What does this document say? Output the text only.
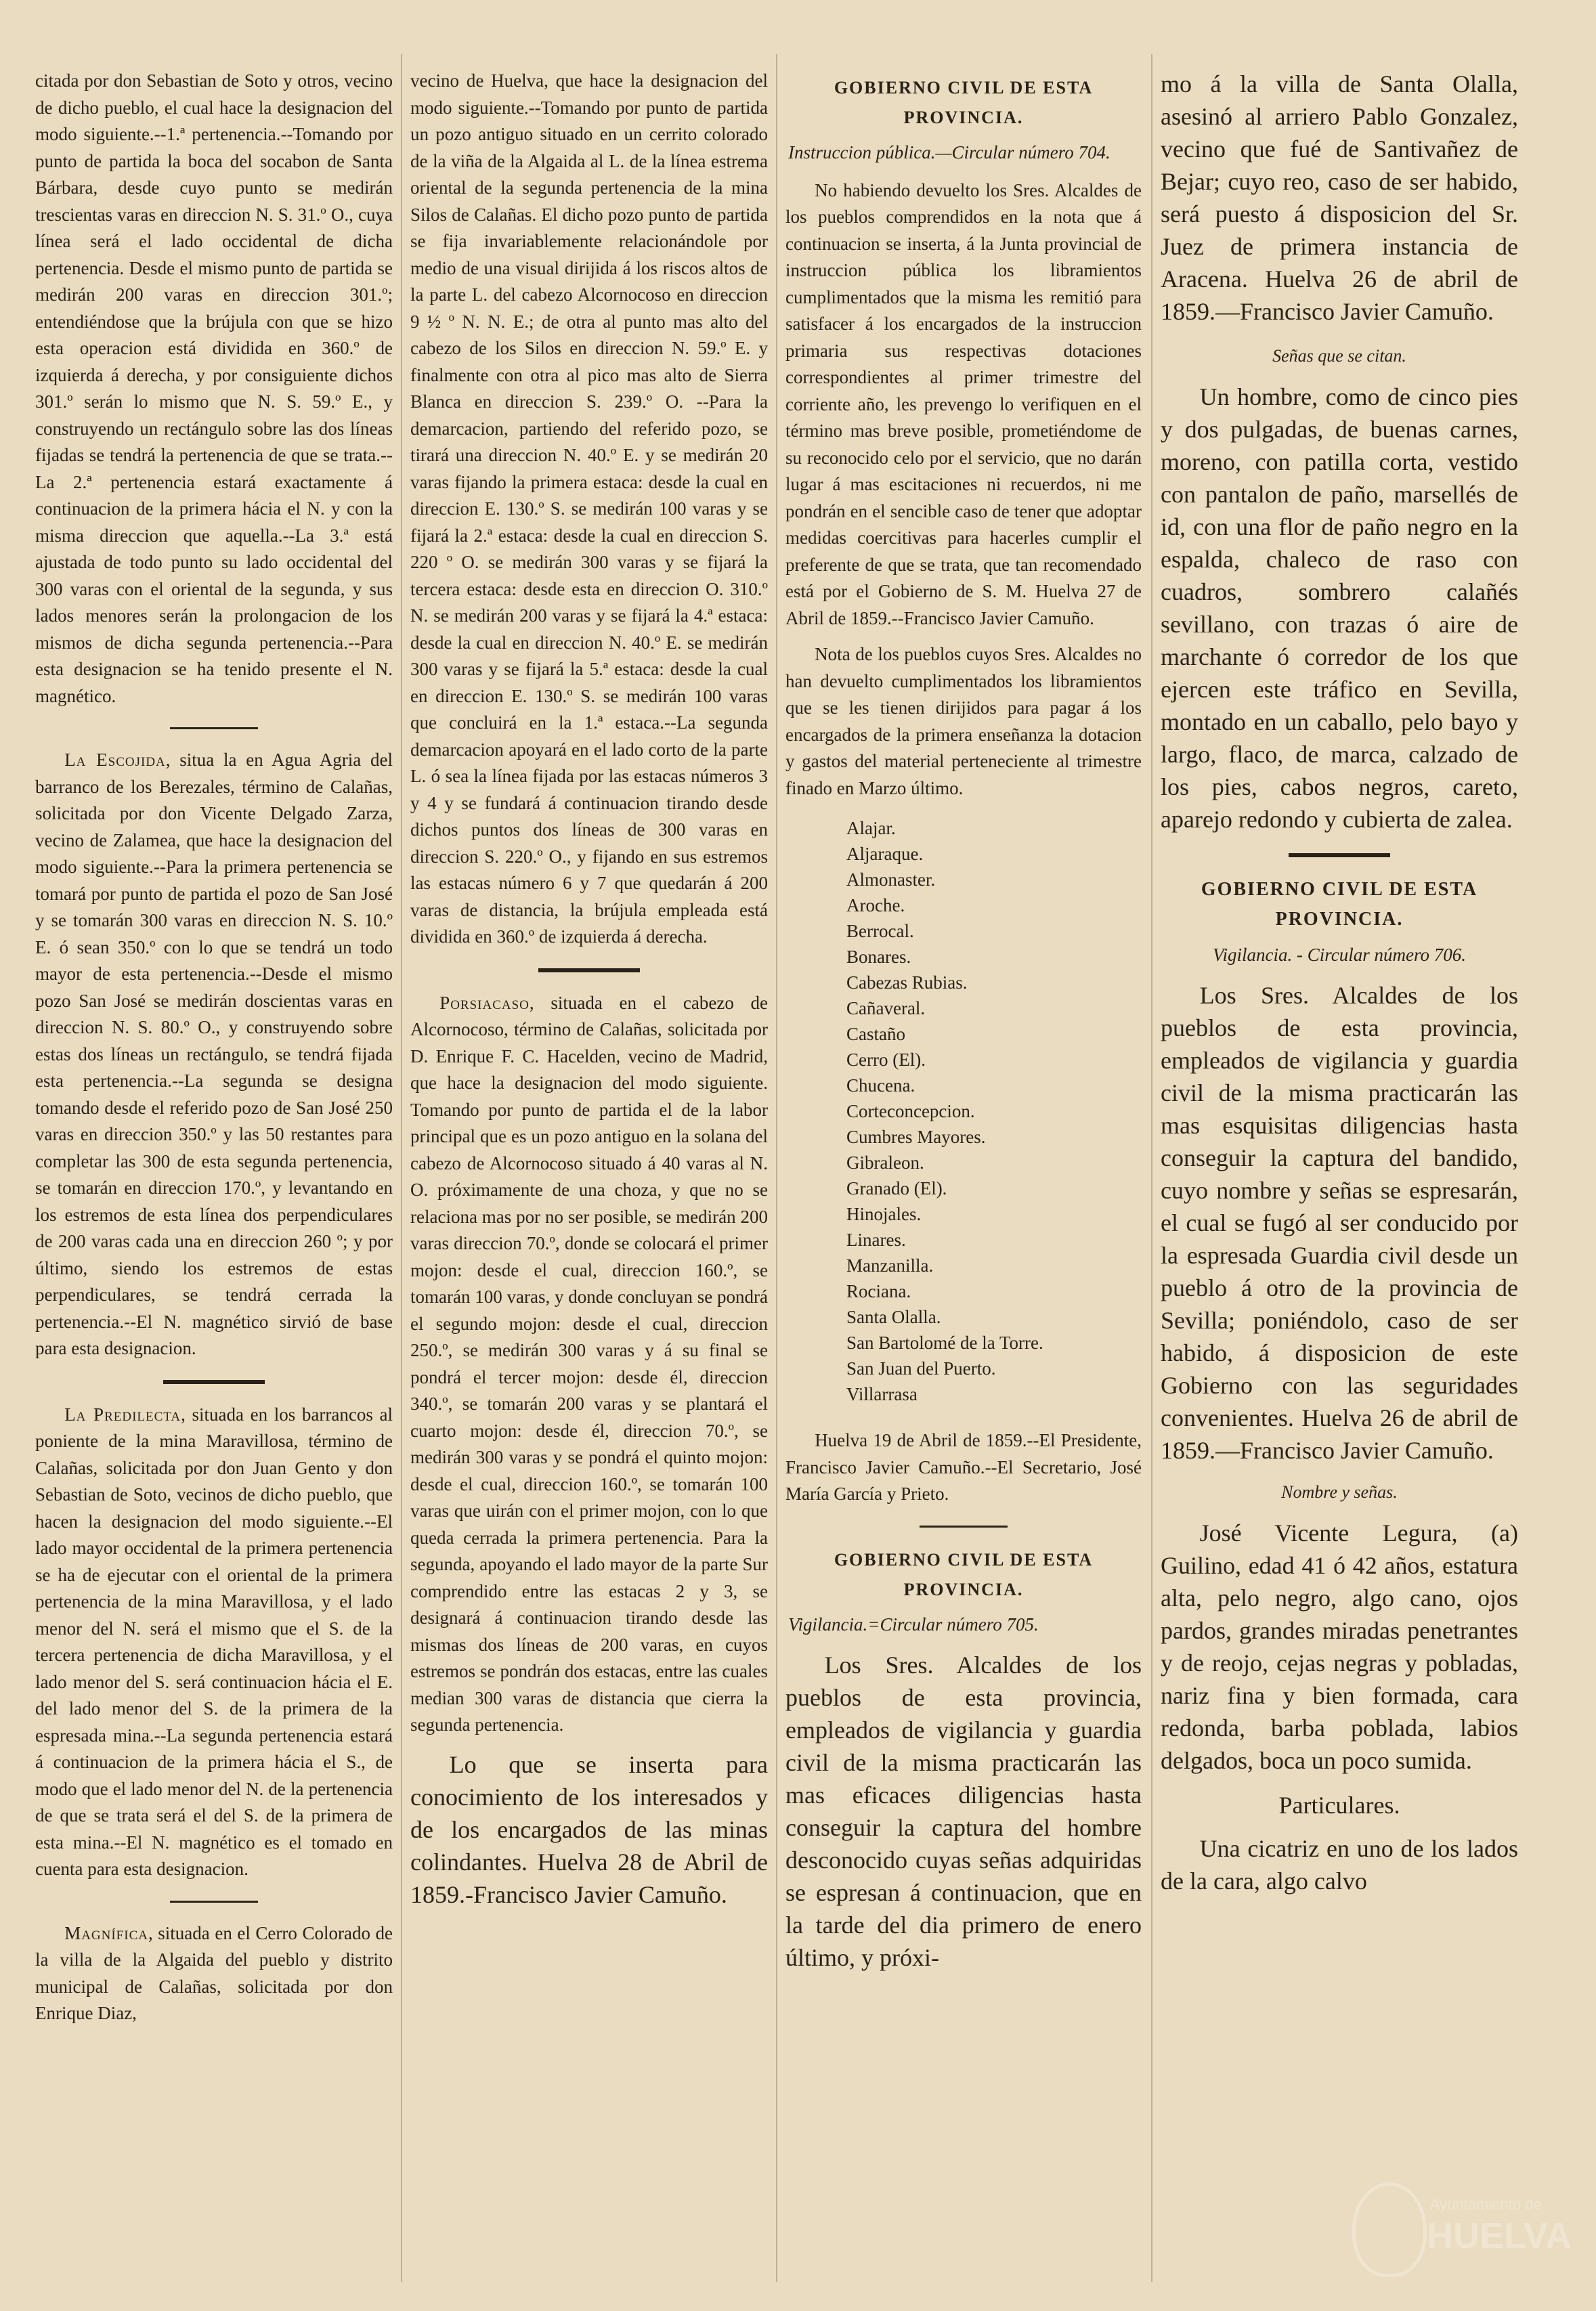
citada por don Sebastian de Soto y otros, vecino de dicho pueblo, el cual hace la designacion del modo siguiente.--1.ª pertenencia.--Tomando por punto de partida la boca del socabon de Santa Bárbara, desde cuyo punto se medirán trescientas varas en direccion N. S. 31.º O., cuya línea será el lado occidental de dicha pertenencia. Desde el mismo punto de partida se medirán 200 varas en direccion 301.º; entendiéndose que la brújula con que se hizo esta operacion está dividida en 360.º de izquierda á derecha, y por consiguiente dichos 301.º serán lo mismo que N. S. 59.º E., y construyendo un rectángulo sobre las dos líneas fijadas se tendrá la pertenencia de que se trata.--La 2.ª pertenencia estará exactamente á continuacion de la primera hácia el N. y con la misma direccion que aquella.--La 3.ª está ajustada de todo punto su lado occidental del 300 varas con el oriental de la segunda, y sus lados menores serán la prolongacion de los mismos de dicha segunda pertenencia.--Para esta designacion se ha tenido presente el N. magnético.

La Escojida, situa la en Agua Agria del barranco de los Berezales, término de Calañas, solicitada por don Vicente Delgado Zarza, vecino de Zalamea, que hace la designacion del modo siguiente.--Para la primera pertenencia se tomará por punto de partida el pozo de San José y se tomarán 300 varas en direccion N. S. 10.º E. ó sean 350.º con lo que se tendrá un todo mayor de esta pertenencia.--Desde el mismo pozo San José se medirán doscientas varas en direccion N. S. 80.º O., y construyendo sobre estas dos líneas un rectángulo, se tendrá fijada esta pertenencia.--La segunda se designa tomando desde el referido pozo de San José 250 varas en direccion 350.º y las 50 restantes para completar las 300 de esta segunda pertenencia, se tomarán en direccion 170.º, y levantando en los estremos de esta línea dos perpendiculares de 200 varas cada una en direccion 260 º; y por último, siendo los estremos de estas perpendiculares, se tendrá cerrada la pertenencia.--El N. magnético sirvió de base para esta designacion.

La Predilecta, situada en los barrancos al poniente de la mina Maravillosa, término de Calañas, solicitada por don Juan Gento y don Sebastian de Soto, vecinos de dicho pueblo, que hacen la designacion del modo siguiente.--El lado mayor occidental de la primera pertenencia se ha de ejecutar con el oriental de la primera pertenencia de la mina Maravillosa, y el lado menor del N. será el mismo que el S. de la tercera pertenencia de dicha Maravillosa, y el lado menor del S. será continuacion hácia el E. del lado menor del S. de la primera de la espresada mina.--La segunda pertenencia estará á continuacion de la primera hácia el S., de modo que el lado menor del N. de la pertenencia de que se trata será el del S. de la primera de esta mina.--El N. magnético es el tomado en cuenta para esta designacion.

Magnífica, situada en el Cerro Colorado de la villa de la Algaida del pueblo y distrito municipal de Calañas, solicitada por don Enrique Diaz,

vecino de Huelva, que hace la designacion del modo siguiente.--Tomando por punto de partida un pozo antiguo situado en un cerrito colorado de la viña de la Algaida al L. de la línea estrema oriental de la segunda pertenencia de la mina Silos de Calañas. El dicho pozo punto de partida se fija invariablemente relacionándole por medio de una visual dirijida á los riscos altos de la parte L. del cabezo Alcornocoso en direccion 9 ½ º N. N. E.; de otra al punto mas alto del cabezo de los Silos en direccion N. 59.º E. y finalmente con otra al pico mas alto de Sierra Blanca en direccion S. 239.º O. --Para la demarcacion, partiendo del referido pozo, se tirará una direccion N. 40.º E. y se medirán 20 varas fijando la primera estaca: desde la cual en direccion E. 130.º S. se medirán 100 varas y se fijará la 2.ª estaca: desde la cual en direccion S. 220 º O. se medirán 300 varas y se fijará la tercera estaca: desde esta en direccion O. 310.º N. se medirán 200 varas y se fijará la 4.ª estaca: desde la cual en direccion N. 40.º E. se medirán 300 varas y se fijará la 5.ª estaca: desde la cual en direccion E. 130.º S. se medirán 100 varas que concluirá en la 1.ª estaca.--La segunda demarcacion apoyará en el lado corto de la parte L. ó sea la línea fijada por las estacas números 3 y 4 y se fundará á continuacion tirando desde dichos puntos dos líneas de 300 varas en direccion S. 220.º O., y fijando en sus estremos las estacas número 6 y 7 que quedarán á 200 varas de distancia, la brújula empleada está dividida en 360.º de izquierda á derecha.

Porsiacaso, situada en el cabezo de Alcornocoso, término de Calañas, solicitada por D. Enrique F. C. Hacelden, vecino de Madrid, que hace la designacion del modo siguiente. Tomando por punto de partida el de la labor principal que es un pozo antiguo en la solana del cabezo de Alcornocoso situado á 40 varas al N. O. próximamente de una choza, y que no se relaciona mas por no ser posible, se medirán 200 varas direccion 70.º, donde se colocará el primer mojon: desde el cual, direccion 160.º, se tomarán 100 varas, y donde concluyan se pondrá el segundo mojon: desde el cual, direccion 250.º, se medirán 300 varas y á su final se pondrá el tercer mojon: desde él, direccion 340.º, se tomarán 200 varas y se plantará el cuarto mojon: desde él, direccion 70.º, se medirán 300 varas y se pondrá el quinto mojon: desde el cual, direccion 160.º, se tomarán 100 varas que uirán con el primer mojon, con lo que queda cerrada la primera pertenencia. Para la segunda, apoyando el lado mayor de la parte Sur comprendido entre las estacas 2 y 3, se designará á continuacion tirando desde las mismas dos líneas de 200 varas, en cuyos estremos se pondrán dos estacas, entre las cuales median 300 varas de distancia que cierra la segunda pertenencia.

Lo que se inserta para conocimiento de los interesados y de los encargados de las minas colindantes. Huelva 28 de Abril de 1859.-Francisco Javier Camuño.

GOBIERNO CIVIL DE ESTA PROVINCIA.
Instruccion pública.—Circular número 704.

No habiendo devuelto los Sres. Alcaldes de los pueblos comprendidos en la nota que á continuacion se inserta, á la Junta provincial de instruccion pública los libramientos cumplimentados que la misma les remitió para satisfacer á los encargados de la instruccion primaria sus respectivas dotaciones correspondientes al primer trimestre del corriente año, les prevengo lo verifiquen en el término mas breve posible, prometiéndome de su reconocido celo por el servicio, que no darán lugar á mas escitaciones ni recuerdos, ni me pondrán en el sencible caso de tener que adoptar medidas coercitivas para hacerles cumplir el preferente de que se trata, que tan recomendado está por el Gobierno de S. M. Huelva 27 de Abril de 1859.--Francisco Javier Camuño.

Nota de los pueblos cuyos Sres. Alcaldes no han devuelto cumplimentados los libramientos que se les tienen dirijidos para pagar á los encargados de la primera enseñanza la dotacion y gastos del material perteneciente al trimestre finado en Marzo último.

Alajar.
Aljaraque.
Almonaster.
Aroche.
Berrocal.
Bonares.
Cabezas Rubias.
Cañaveral.
Castaño
Cerro (El).
Chucena.
Corteconcepcion.
Cumbres Mayores.
Gibraleon.
Granado (El).
Hinojales.
Linares.
Manzanilla.
Rociana.
Santa Olalla.
San Bartolomé de la Torre.
San Juan del Puerto.
Villarrasa

Huelva 19 de Abril de 1859.--El Presidente, Francisco Javier Camuño.--El Secretario, José María García y Prieto.

GOBIERNO CIVIL DE ESTA PROVINCIA.
Vigilancia.=Circular número 705.

Los Sres. Alcaldes de los pueblos de esta provincia, empleados de vigilancia y guardia civil de la misma practicarán las mas eficaces diligencias hasta conseguir la captura del hombre desconocido cuyas señas adquiridas se espresan á continuacion, que en la tarde del dia primero de enero último, y próxi-

mo á la villa de Santa Olalla, asesinó al arriero Pablo Gonzalez, vecino que fué de Santivañez de Bejar; cuyo reo, caso de ser habido, será puesto á disposicion del Sr. Juez de primera instancia de Aracena. Huelva 26 de abril de 1859.—Francisco Javier Camuño.

Señas que se citan.

Un hombre, como de cinco pies y dos pulgadas, de buenas carnes, moreno, con patilla corta, vestido con pantalon de paño, marsellés de id, con una flor de paño negro en la espalda, chaleco de raso con cuadros, sombrero calañés sevillano, con trazas ó aire de marchante ó corredor de los que ejercen este tráfico en Sevilla, montado en un caballo, pelo bayo y largo, flaco, de marca, calzado de los pies, cabos negros, careto, aparejo redondo y cubierta de zalea.

GOBIERNO CIVIL DE ESTA PROVINCIA.
Vigilancia. - Circular número 706.

Los Sres. Alcaldes de los pueblos de esta provincia, empleados de vigilancia y guardia civil de la misma practicarán las mas esquisitas diligencias hasta conseguir la captura del bandido, cuyo nombre y señas se espresarán, el cual se fugó al ser conducido por la espresada Guardia civil desde un pueblo á otro de la provincia de Sevilla; poniéndolo, caso de ser habido, á disposicion de este Gobierno con las seguridades convenientes. Huelva 26 de abril de 1859.—Francisco Javier Camuño.

Nombre y señas.

José Vicente Legura, (a) Guilino, edad 41 ó 42 años, estatura alta, pelo negro, algo cano, ojos pardos, grandes miradas penetrantes y de reojo, cejas negras y pobladas, nariz fina y bien formada, cara redonda, barba poblada, labios delgados, boca un poco sumida.

Particulares.

Una cicatriz en uno de los lados de la cara, algo calvo

Ayuntamiento de
HUELVA
